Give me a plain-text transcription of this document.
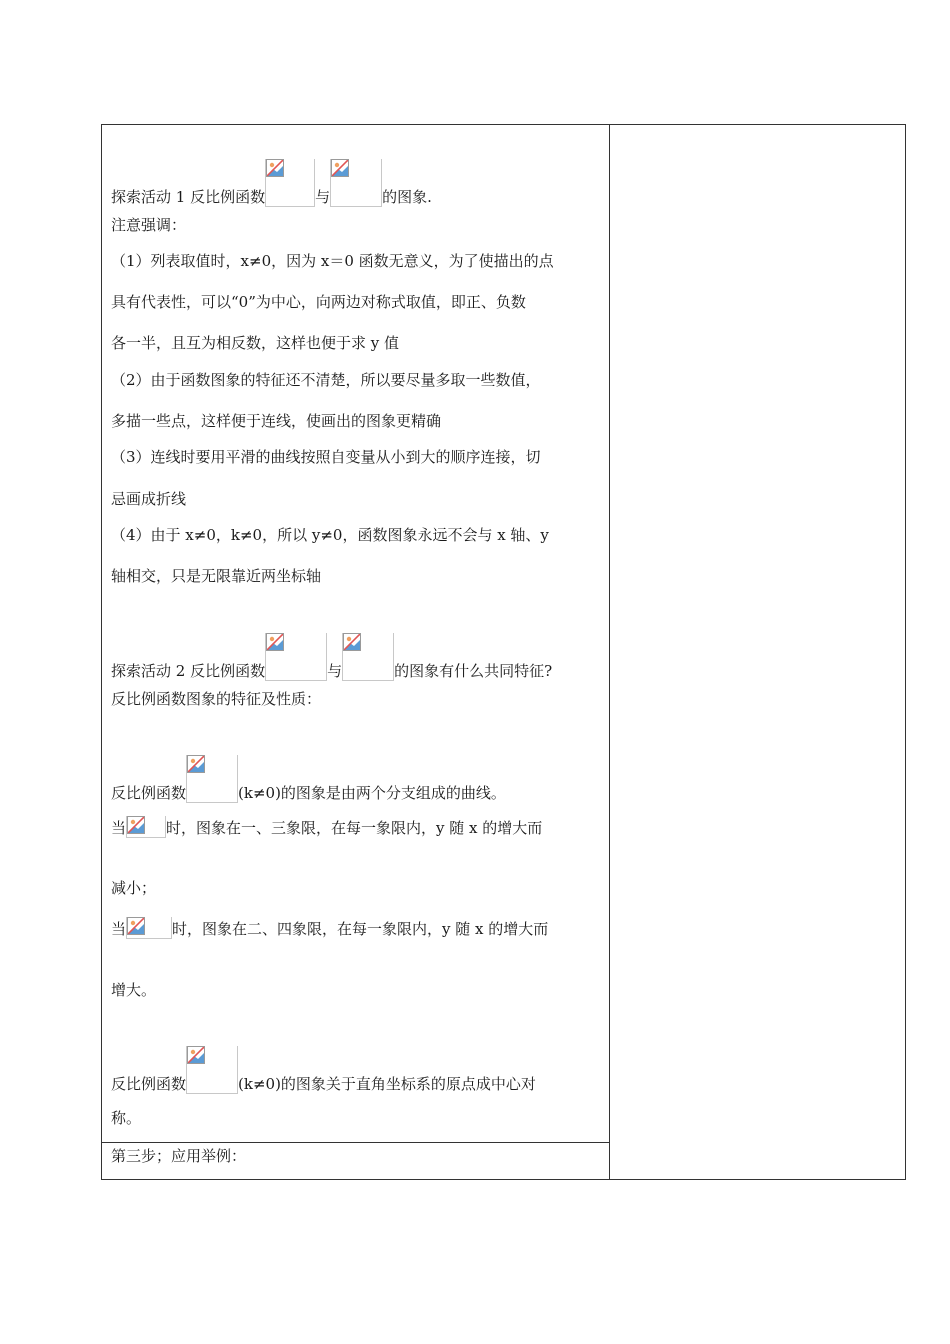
探索活动 1 反比例函数	与	的图象.
注意强调：
（1）列表取值时，x≠0，因为 x＝0 函数无意义，为了使描出的点
具有代表性，可以“0”为中心，向两边对称式取值，即正、负数
各一半，且互为相反数，这样也便于求 y 值
（2）由于函数图象的特征还不清楚，所以要尽量多取一些数值，
多描一些点，这样便于连线，使画出的图象更精确
（3）连线时要用平滑的曲线按照自变量从小到大的顺序连接，切
忌画成折线
（4）由于 x≠0，k≠0，所以 y≠0，函数图象永远不会与 x 轴、y
轴相交，只是无限靠近两坐标轴
探索活动 2 反比例函数	与	的图象有什么共同特征?
反比例函数图象的特征及性质：
反比例函数	(k≠0)的图象是由两个分支组成的曲线。
当	时，图象在一、三象限，在每一象限内，y 随 x 的增大而
减小；
当	时，图象在二、四象限，在每一象限内，y 随 x 的增大而
增大。
反比例函数	(k≠0)的图象关于直角坐标系的原点成中心对
称。
第三步；应用举例：
